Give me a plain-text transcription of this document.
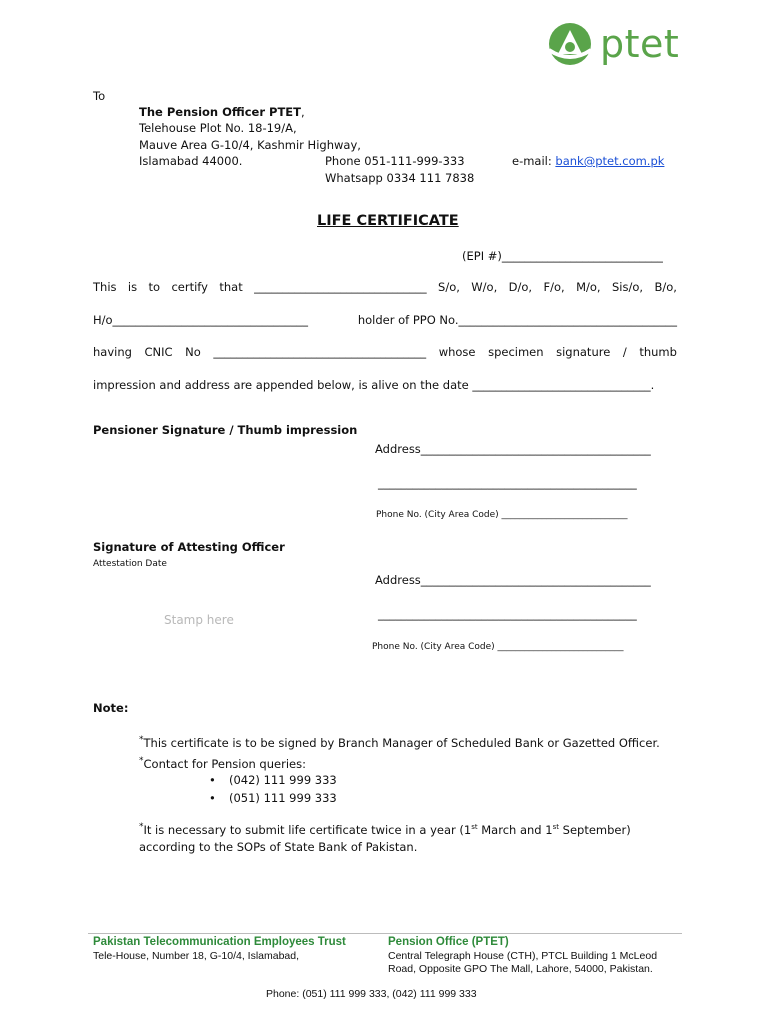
ptet
To
The Pension Officer PTET,
Telehouse Plot No. 18-19/A,
Mauve Area G-10/4, Kashmir Highway,
Islamabad 44000.	Phone 051-111-999-333
Whatsapp 0334 111 7838
e-mail: bank@ptet.com.pk
LIFE CERTIFICATE
(EPI #)____________________________
This is to certify that ______________________________ S/o, W/o, D/o, F/o, M/o, Sis/o, B/o,
H/o__________________________________	holder of PPO No.______________________________________
having CNIC No _____________________________________ whose specimen signature / thumb
impression and address are appended below, is alive on the date _______________________________.
Pensioner Signature / Thumb impression
Address________________________________________
_____________________________________________
Phone No. (City Area Code) ____________________________
Signature of Attesting Officer
Attestation Date
Address________________________________________
Stamp here	_____________________________________________
Phone No. (City Area Code) ____________________________
Note:
*This certificate is to be signed by Branch Manager of Scheduled Bank or Gazetted Officer.
*Contact for Pension queries:
• (042) 111 999 333
• (051) 111 999 333
*It is necessary to submit life certificate twice in a year (1st March and 1st September)
according to the SOPs of State Bank of Pakistan.
Pakistan Telecommunication Employees Trust
Tele-House, Number 18, G-10/4, Islamabad,
Pension Office (PTET)
Central Telegraph House (CTH), PTCL Building 1 McLeod
Road, Opposite GPO The Mall, Lahore, 54000, Pakistan.
Phone: (051) 111 999 333, (042) 111 999 333
